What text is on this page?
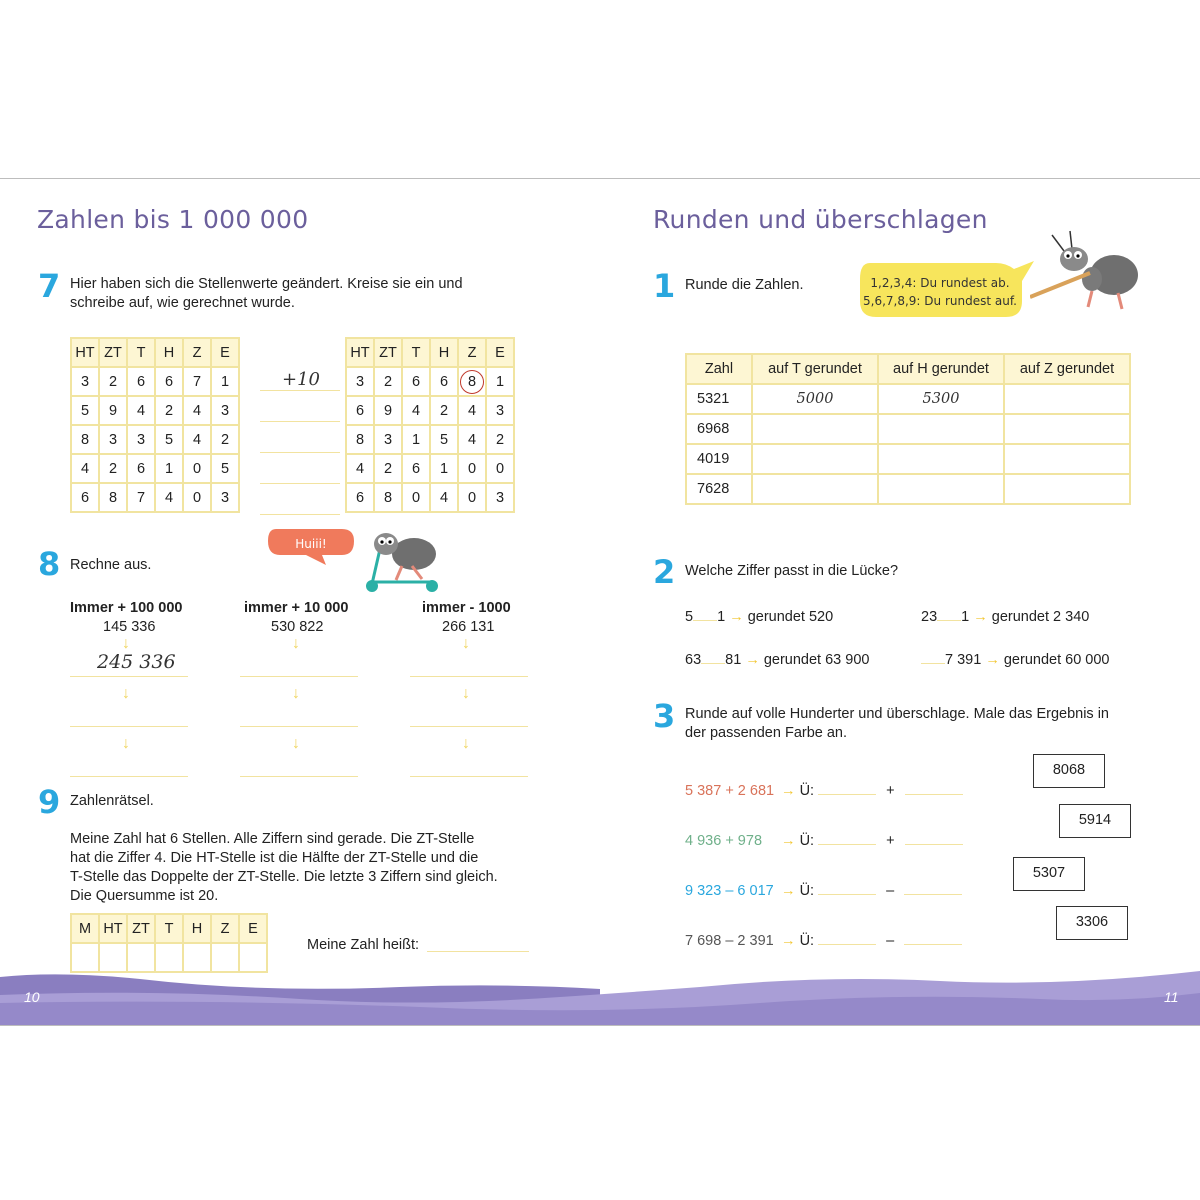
Zahlen bis 1 000 000
7 Hier haben sich die Stellenwerte geändert. Kreise sie ein und
schreibe auf, wie gerechnet wurde.
HT	ZT	T	H	Z	E
3	2	6	6	7	1
5	9	4	2	4	3
8	3	3	5	4	2
4	2	6	1	0	5
6	8	7	4	0	3
+10
HT	ZT	T	H	Z	E
3	2	6	6	8	1
6	9	4	2	4	3
8	3	1	5	4	2
4	2	6	1	0	0
6	8	0	4	0	3
Huiii!
8 Rechne aus.
Immer + 100 000
145 336
immer + 10 000
530 822
immer - 1000
266 131
↓	↓	↓
245 336
↓	↓	↓
↓	↓	↓
9 Zahlenrätsel.
Meine Zahl hat 6 Stellen. Alle Ziffern sind gerade. Die ZT-Stelle
hat die Ziffer 4. Die HT-Stelle ist die Hälfte der ZT-Stelle und die
T-Stelle das Doppelte der ZT-Stelle. Die letzte 3 Ziffern sind gleich.
Die Quersumme ist 20.
M	HT	ZT	T	H	Z	E

Meine Zahl heißt:
Runden und überschlagen
1,2,3,4: Du rundest ab.
5,6,7,8,9: Du rundest auf.
1 Runde die Zahlen.
Zahl	auf T gerundet	auf H gerundet	auf Z gerundet
5321	5000	5300	
6968			
4019			
7628			
2 Welche Ziffer passt in die Lücke?
5 1 → gerundet 520	23 1 → gerundet 2 340
63 81 → gerundet 63 900	7 391 → gerundet 60 000
3 Runde auf volle Hunderter und überschlage. Male das Ergebnis in
der passenden Farbe an.
5 387 + 2 681 → Ü:	+
4 936 + 978 → Ü:	+
9 323 – 6 017 → Ü:	–
7 698 – 2 391 → Ü:	–
8068
5914
5307
3306
10	11
